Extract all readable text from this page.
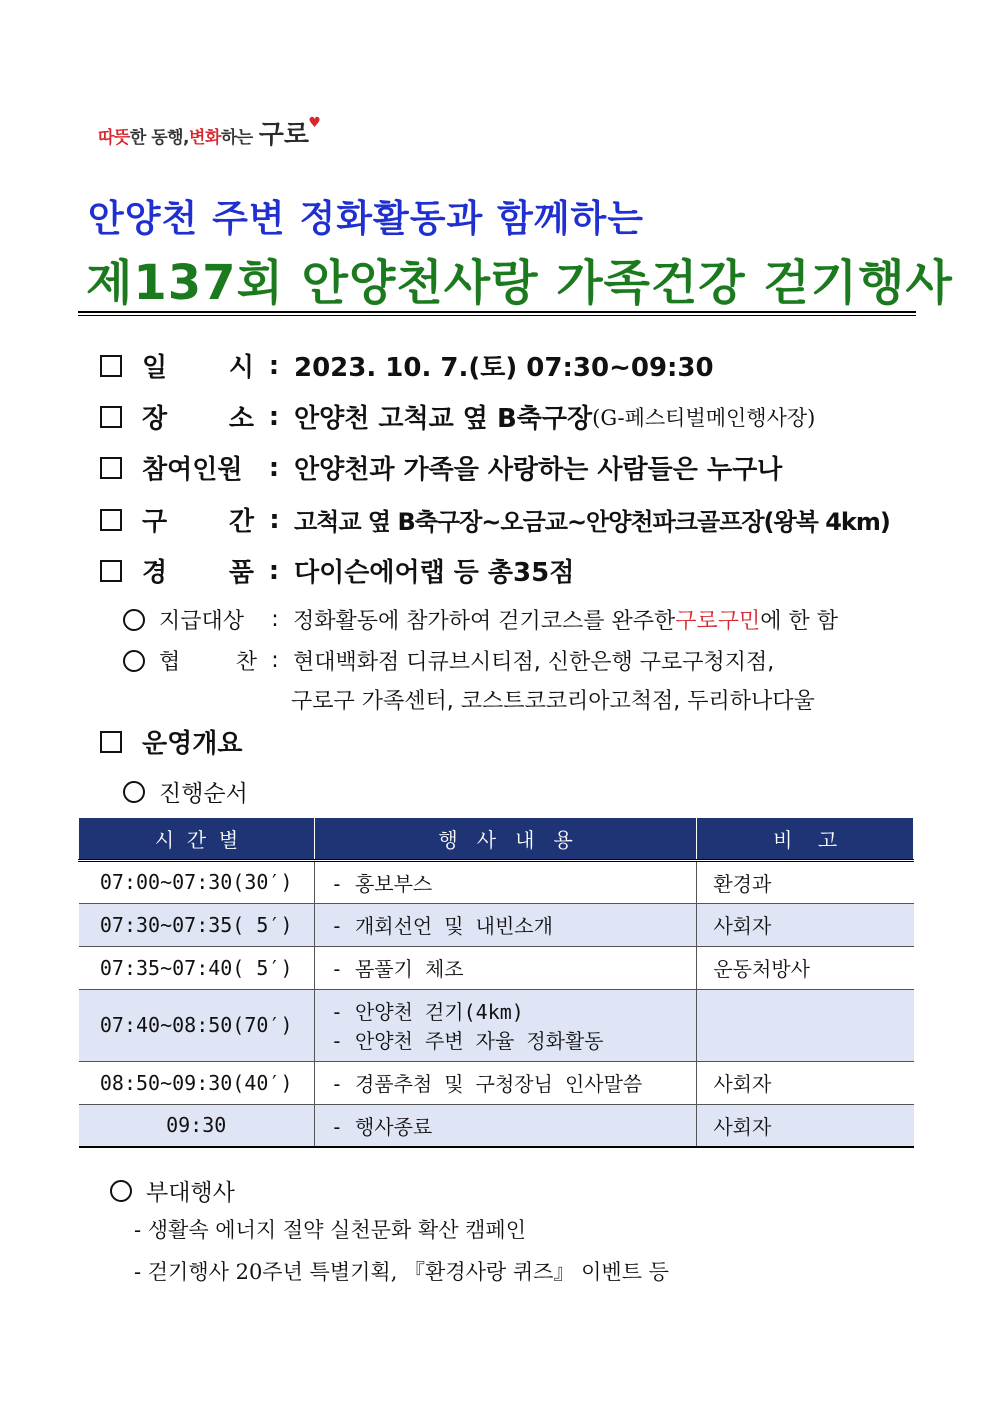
따뜻 한 동행, 변화 하는 구로 ♥
안양천 주변 정화활동과 함께하는
제137회 안양천사랑 가족건강 걷기행사
일 시 : 2023. 10. 7.(토) 07:30~09:30
장 소 : 안양천 고척교 옆 B축구장 (G-페스티벌메인행사장)
참여인원	: 안양천과 가족을 사랑하는 사람들은 누구나
구 간 : 고척교 옆 B축구장~오금교~안양천파크골프장(왕복 4km)
경 품 : 다이슨에어랩 등 총35점
지급대상	: 정화활동에 참가하여 걷기코스를 완주한 구로구민 에 한 함
협 찬 : 현대백화점 디큐브시티점, 신한은행 구로구청지점,
구로구 가족센터, 코스트코코리아고척점, 두리하나다울
운영개요
진행순서
시  간  별	행   사   내   용	비    고
07:00~07:30(30′)	- 홍보부스	환경과
07:30~07:35( 5′)	- 개회선언 및 내빈소개	사회자
07:35~07:40( 5′)	- 몸풀기 체조	운동처방사
07:40~08:50(70′)	- 안양천 걷기(4km)
- 안양천 주변 자율 정화활동	

08:50~09:30(40′)	- 경품추첨 및 구청장님 인사말씀	사회자
09:30	- 행사종료	사회자
부대행사
- 생활속 에너지 절약 실천문화 확산 캠페인
- 걷기행사 20주년 특별기획, 『환경사랑 퀴즈』 이벤트 등
